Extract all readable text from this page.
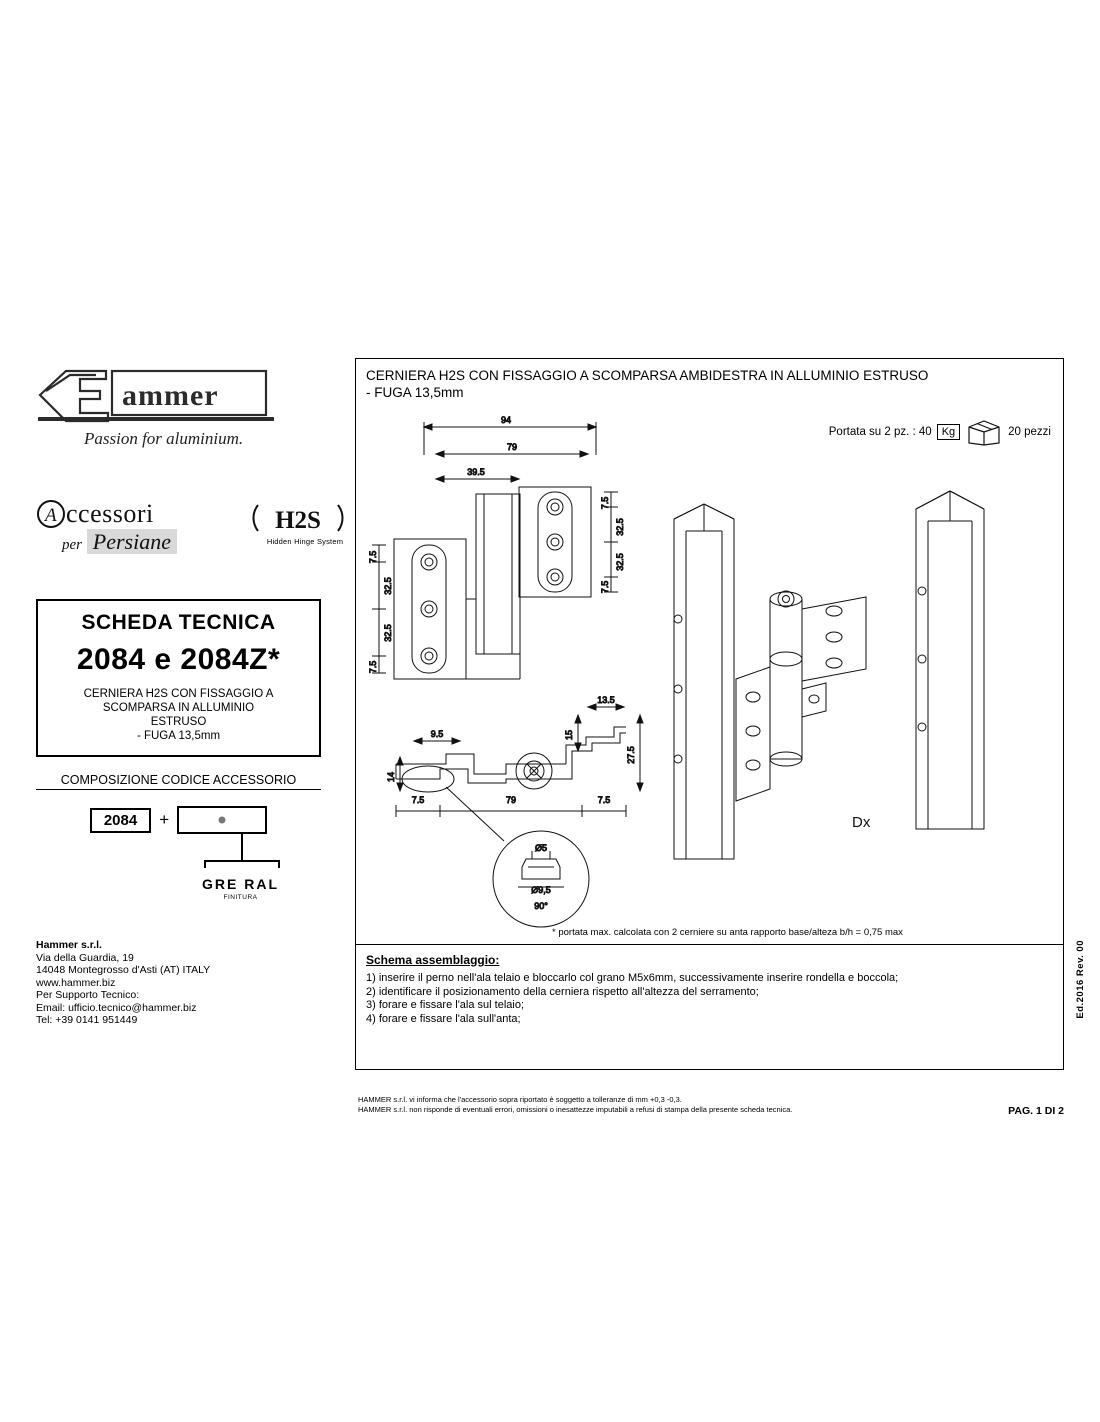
ammer
Passion for aluminium.
A ccessori
per Persiane
H2S
Hidden Hinge System
SCHEDA TECNICA
2084 e 2084Z*
CERNIERA H2S CON FISSAGGIO A
SCOMPARSA IN ALLUMINIO
ESTRUSO
- FUGA 13,5mm
COMPOSIZIONE CODICE ACCESSORIO
2084	+
GRE RAL
FINITURA
Hammer s.r.l.
Via della Guardia, 19
14048 Montegrosso d'Asti (AT) ITALY
www.hammer.biz
Per Supporto Tecnico:
Email: ufficio.tecnico@hammer.biz
Tel: +39 0141 951449
CERNIERA H2S CON FISSAGGIO A SCOMPARSA AMBIDESTRA IN ALLUMINIO ESTRUSO
- FUGA 13,5mm
Portata su 2 pz. : 40 Kg	20 pezzi
94
79
39.5
7.5
32.5
32.5
7.5
7.5
32.5
32.5
7.5
13.5
15
27.5
9.5
14
7.5	79	7.5
Ø5
Ø9,5
90°
Dx
* portata max. calcolata con 2 cerniere su anta rapporto base/alteza b/h = 0,75 max
Schema assemblaggio:
1) inserire il perno nell'ala telaio e bloccarlo col grano M5x6mm, successivamente inserire rondella e boccola;
2) identificare il posizionamento della cerniera rispetto all'altezza del serramento;
3) forare e fissare l'ala sul telaio;
4) forare e fissare l'ala sull'anta;	Ed.2016 Rev. 00
HAMMER s.r.l. vi informa che l'accessorio sopra riportato è soggetto a tolleranze di mm +0,3 -0,3.
HAMMER s.r.l. non risponde di eventuali errori, omissioni o inesattezze imputabili a refusi di stampa della presente scheda tecnica.	PAG. 1 DI 2
